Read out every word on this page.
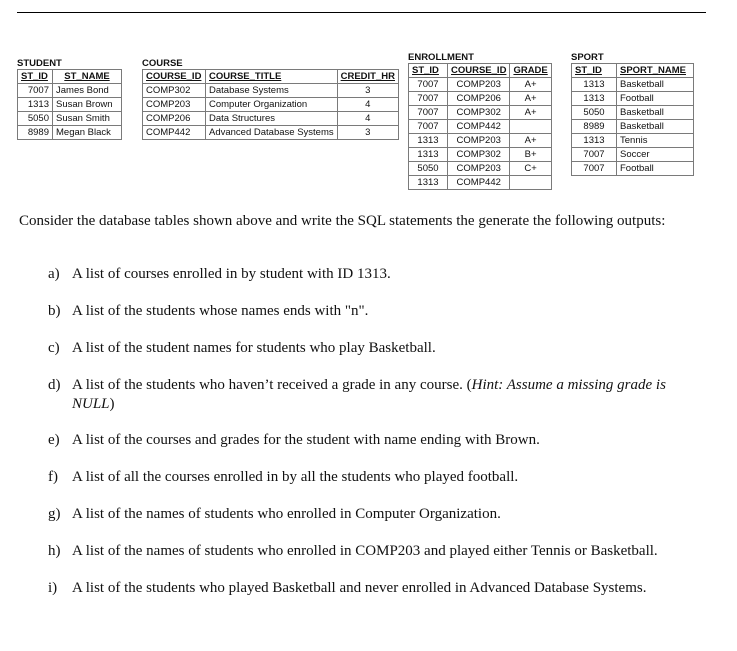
STUDENT
ST_ID	ST_NAME
7007	James Bond
1313	Susan Brown
5050	Susan Smith
8989	Megan Black
COURSE
COURSE_ID	COURSE_TITLE	CREDIT_HR
COMP302	Database Systems	3
COMP203	Computer Organization	4
COMP206	Data Structures	4
COMP442	Advanced Database Systems	3
ENROLLMENT
ST_ID	COURSE_ID	GRADE
7007	COMP203	A+
7007	COMP206	A+
7007	COMP302	A+
7007	COMP442	
1313	COMP203	A+
1313	COMP302	B+
5050	COMP203	C+
1313	COMP442	
SPORT
ST_ID	SPORT_NAME
1313	Basketball
1313	Football
5050	Basketball
8989	Basketball
1313	Tennis
7007	Soccer
7007	Football

Consider the database tables shown above and write the SQL statements the generate the following outputs:

a) A list of courses enrolled in by student with ID 1313.
b) A list of the students whose names ends with "n".
c) A list of the student names for students who play Basketball.
d) A list of the students who haven’t received a grade in any course. (Hint: Assume a missing grade is NULL)
e) A list of the courses and grades for the student with name ending with Brown.
f) A list of all the courses enrolled in by all the students who played football.
g) A list of the names of students who enrolled in Computer Organization.
h) A list of the names of students who enrolled in COMP203 and played either Tennis or Basketball.
i) A list of the students who played Basketball and never enrolled in Advanced Database Systems.
